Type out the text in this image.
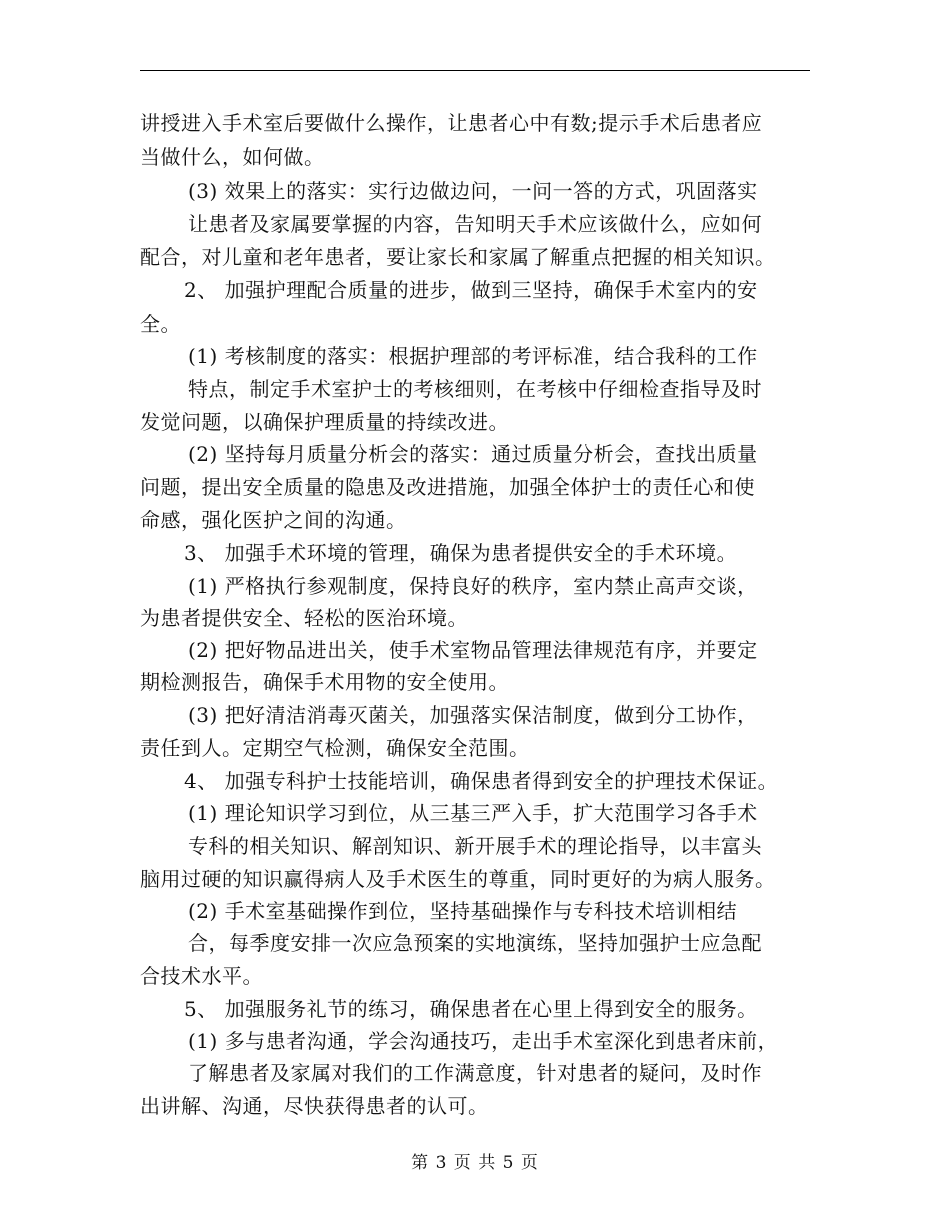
讲授进入手术室后要做什么操作，让患者心中有数;提示手术后患者应
当做什么，如何做。
(3) 效果上的落实：实行边做边问，一问一答的方式，巩固落实
让患者及家属要掌握的内容，告知明天手术应该做什么，应如何
配合，对儿童和老年患者，要让家长和家属了解重点把握的相关知识。
2、 加强护理配合质量的进步，做到三坚持，确保手术室内的安
全。
(1) 考核制度的落实：根据护理部的考评标准，结合我科的工作
特点，制定手术室护士的考核细则，在考核中仔细检查指导及时
发觉问题，以确保护理质量的持续改进。
(2) 坚持每月质量分析会的落实：通过质量分析会，查找出质量
问题，提出安全质量的隐患及改进措施，加强全体护士的责任心和使
命感，强化医护之间的沟通。
3、 加强手术环境的管理，确保为患者提供安全的手术环境。
(1) 严格执行参观制度，保持良好的秩序，室内禁止高声交谈，
为患者提供安全、轻松的医治环境。
(2) 把好物品进出关，使手术室物品管理法律规范有序，并要定
期检测报告，确保手术用物的安全使用。
(3) 把好清洁消毒灭菌关，加强落实保洁制度，做到分工协作，
责任到人。定期空气检测，确保安全范围。
4、 加强专科护士技能培训，确保患者得到安全的护理技术保证。
(1) 理论知识学习到位，从三基三严入手，扩大范围学习各手术
专科的相关知识、解剖知识、新开展手术的理论指导，以丰富头
脑用过硬的知识赢得病人及手术医生的尊重，同时更好的为病人服务。
(2) 手术室基础操作到位，坚持基础操作与专科技术培训相结
合，每季度安排一次应急预案的实地演练，坚持加强护士应急配
合技术水平。
5、 加强服务礼节的练习，确保患者在心里上得到安全的服务。
(1) 多与患者沟通，学会沟通技巧，走出手术室深化到患者床前，
了解患者及家属对我们的工作满意度，针对患者的疑问，及时作
出讲解、沟通，尽快获得患者的认可。
第 3 页 共 5 页
